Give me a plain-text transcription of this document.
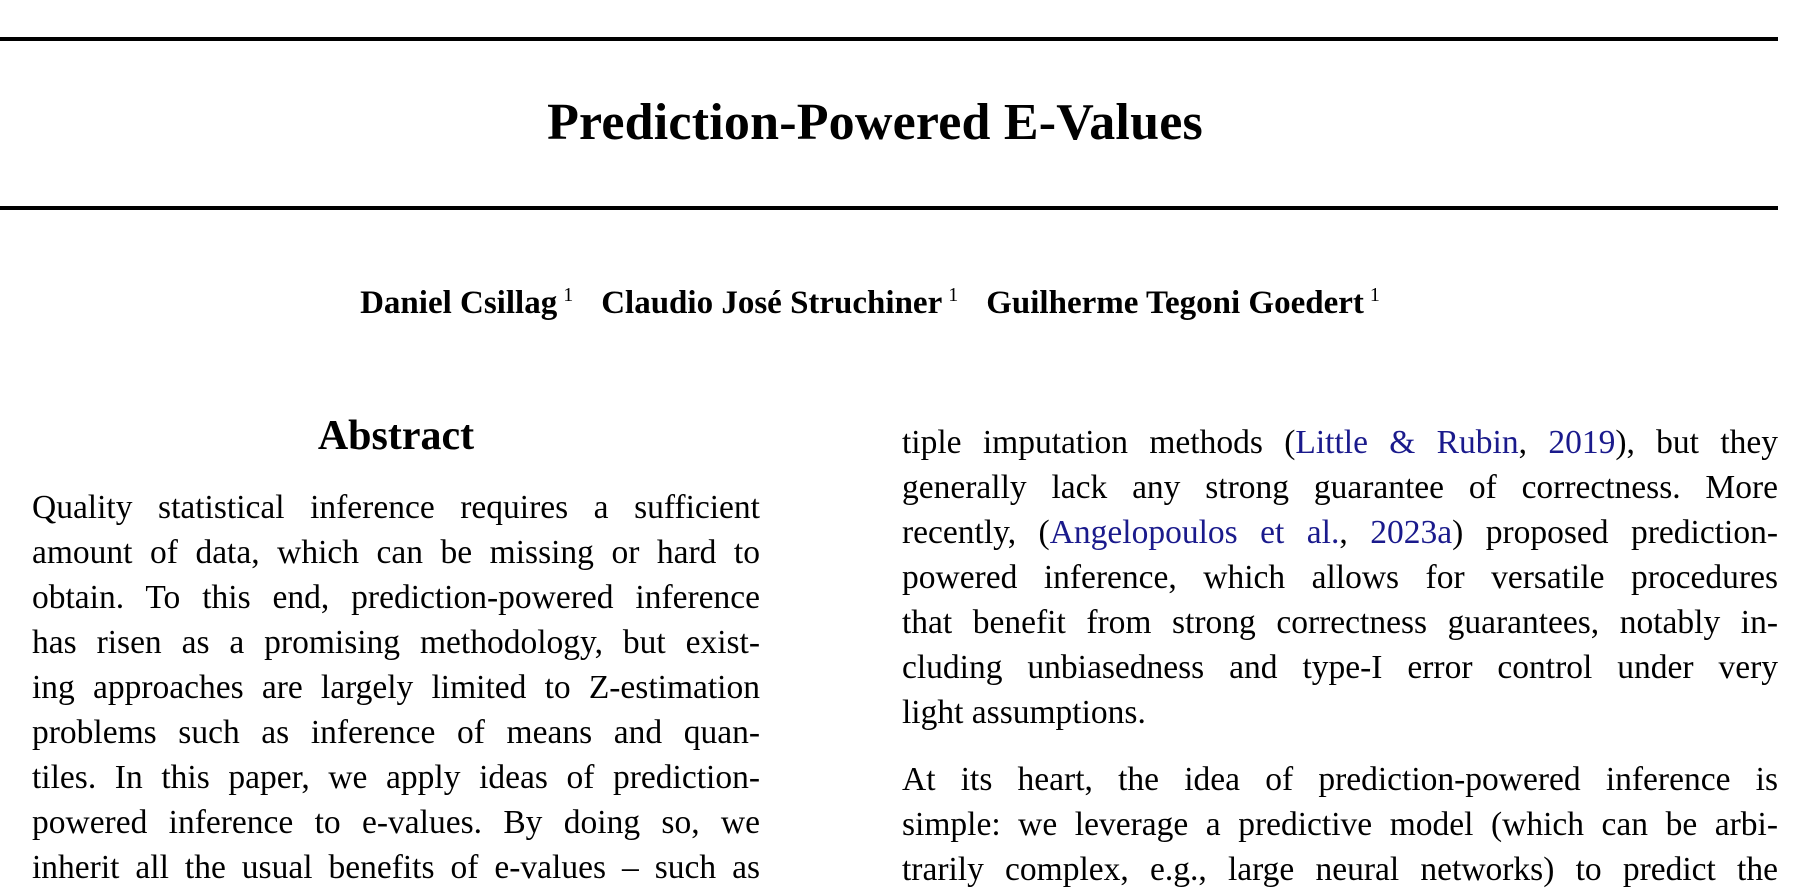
Prediction-Powered E-Values
Daniel Csillag $^1$ Claudio José Struchiner $^1$ Guilherme Tegoni Goedert $^1$
Abstract
Quality statistical inference requires a sufficient
amount of data, which can be missing or hard to
obtain. To this end, prediction-powered inference
has risen as a promising methodology, but exist-
ing approaches are largely limited to Z-estimation
problems such as inference of means and quan-
tiles. In this paper, we apply ideas of prediction-
powered inference to e-values. By doing so, we
inherit all the usual benefits of e-values – such as
tiple imputation methods (Little & Rubin, 2019), but they
generally lack any strong guarantee of correctness. More
recently, (Angelopoulos et al., 2023a) proposed prediction-
powered inference, which allows for versatile procedures
that benefit from strong correctness guarantees, notably in-
cluding unbiasedness and type-I error control under very
light assumptions.
At its heart, the idea of prediction-powered inference is
simple: we leverage a predictive model (which can be arbi-
trarily complex, e.g., large neural networks) to predict the
